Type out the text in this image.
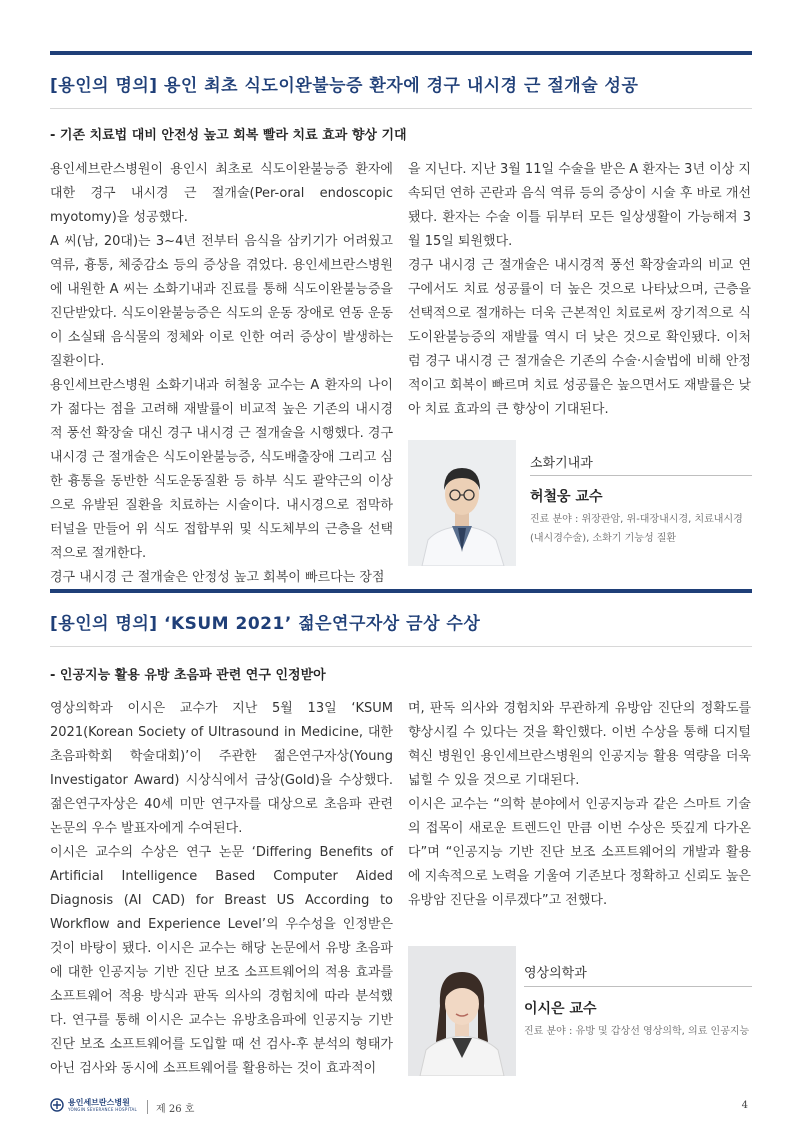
[용인의 명의] 용인 최초 식도이완불능증 환자에 경구 내시경 근 절개술 성공
- 기존 치료법 대비 안전성 높고 회복 빨라 치료 효과 향상 기대

용인세브란스병원이 용인시 최초로 식도이완불능증 환자에 대한 경구 내시경 근 절개술(Per-oral endoscopic myotomy)을 성공했다.

A 씨(남, 20대)는 3~4년 전부터 음식을 삼키기가 어려웠고 역류, 흉통, 체중감소 등의 증상을 겪었다. 용인세브란스병원에 내원한 A 씨는 소화기내과 진료를 통해 식도이완불능증을 진단받았다. 식도이완불능증은 식도의 운동 장애로 연동 운동이 소실돼 음식물의 정체와 이로 인한 여러 증상이 발생하는 질환이다.

용인세브란스병원 소화기내과 허철웅 교수는 A 환자의 나이가 젊다는 점을 고려해 재발률이 비교적 높은 기존의 내시경적 풍선 확장술 대신 경구 내시경 근 절개술을 시행했다. 경구 내시경 근 절개술은 식도이완불능증, 식도배출장애 그리고 심한 흉통을 동반한 식도운동질환 등 하부 식도 괄약근의 이상으로 유발된 질환을 치료하는 시술이다. 내시경으로 점막하 터널을 만들어 위 식도 접합부위 및 식도체부의 근층을 선택적으로 절개한다.

경구 내시경 근 절개술은 안정성 높고 회복이 빠르다는 장점

을 지닌다. 지난 3월 11일 수술을 받은 A 환자는 3년 이상 지속되던 연하 곤란과 음식 역류 등의 증상이 시술 후 바로 개선됐다. 환자는 수술 이틀 뒤부터 모든 일상생활이 가능해져 3월 15일 퇴원했다.

경구 내시경 근 절개술은 내시경적 풍선 확장술과의 비교 연구에서도 치료 성공률이 더 높은 것으로 나타났으며, 근층을 선택적으로 절개하는 더욱 근본적인 치료로써 장기적으로 식도이완불능증의 재발률 역시 더 낮은 것으로 확인됐다. 이처럼 경구 내시경 근 절개술은 기존의 수술·시술법에 비해 안정적이고 회복이 빠르며 치료 성공률은 높으면서도 재발률은 낮아 치료 효과의 큰 향상이 기대된다.

소화기내과
허철웅 교수
진료 분야 : 위장관암, 위-대장내시경, 치료내시경 (내시경수술), 소화기 기능성 질환
[용인의 명의] ‘KSUM 2021’ 젊은연구자상 금상 수상
- 인공지능 활용 유방 초음파 관련 연구 인정받아

영상의학과 이시은 교수가 지난 5월 13일 ‘KSUM 2021(Korean Society of Ultrasound in Medicine, 대한초음파학회 학술대회)’이 주관한 젊은연구자상(Young Investigator Award) 시상식에서 금상(Gold)을 수상했다. 젊은연구자상은 40세 미만 연구자를 대상으로 초음파 관련 논문의 우수 발표자에게 수여된다.

이시은 교수의 수상은 연구 논문 ‘Differing Benefits of Artificial Intelligence Based Computer Aided Diagnosis (AI CAD) for Breast US According to Workflow and Experience Level’의 우수성을 인정받은 것이 바탕이 됐다. 이시은 교수는 해당 논문에서 유방 초음파에 대한 인공지능 기반 진단 보조 소프트웨어의 적용 효과를 소프트웨어 적용 방식과 판독 의사의 경험치에 따라 분석했다. 연구를 통해 이시은 교수는 유방초음파에 인공지능 기반 진단 보조 소프트웨어를 도입할 때 선 검사-후 분석의 형태가 아닌 검사와 동시에 소프트웨어를 활용하는 것이 효과적이

며, 판독 의사와 경험치와 무관하게 유방암 진단의 정확도를 향상시킬 수 있다는 것을 확인했다. 이번 수상을 통해 디지털 혁신 병원인 용인세브란스병원의 인공지능 활용 역량을 더욱 넓힐 수 있을 것으로 기대된다.

이시은 교수는 “의학 분야에서 인공지능과 같은 스마트 기술의 접목이 새로운 트렌드인 만큼 이번 수상은 뜻깊게 다가온다”며 “인공지능 기반 진단 보조 소프트웨어의 개발과 활용에 지속적으로 노력을 기울여 기존보다 정확하고 신뢰도 높은 유방암 진단을 이루겠다”고 전했다.

영상의학과
이시은 교수
진료 분야 : 유방 및 갑상선 영상의학, 의료 인공지능
용인세브란스병원
YONGIN SEVERANCE HOSPITAL 제 26 호	4
